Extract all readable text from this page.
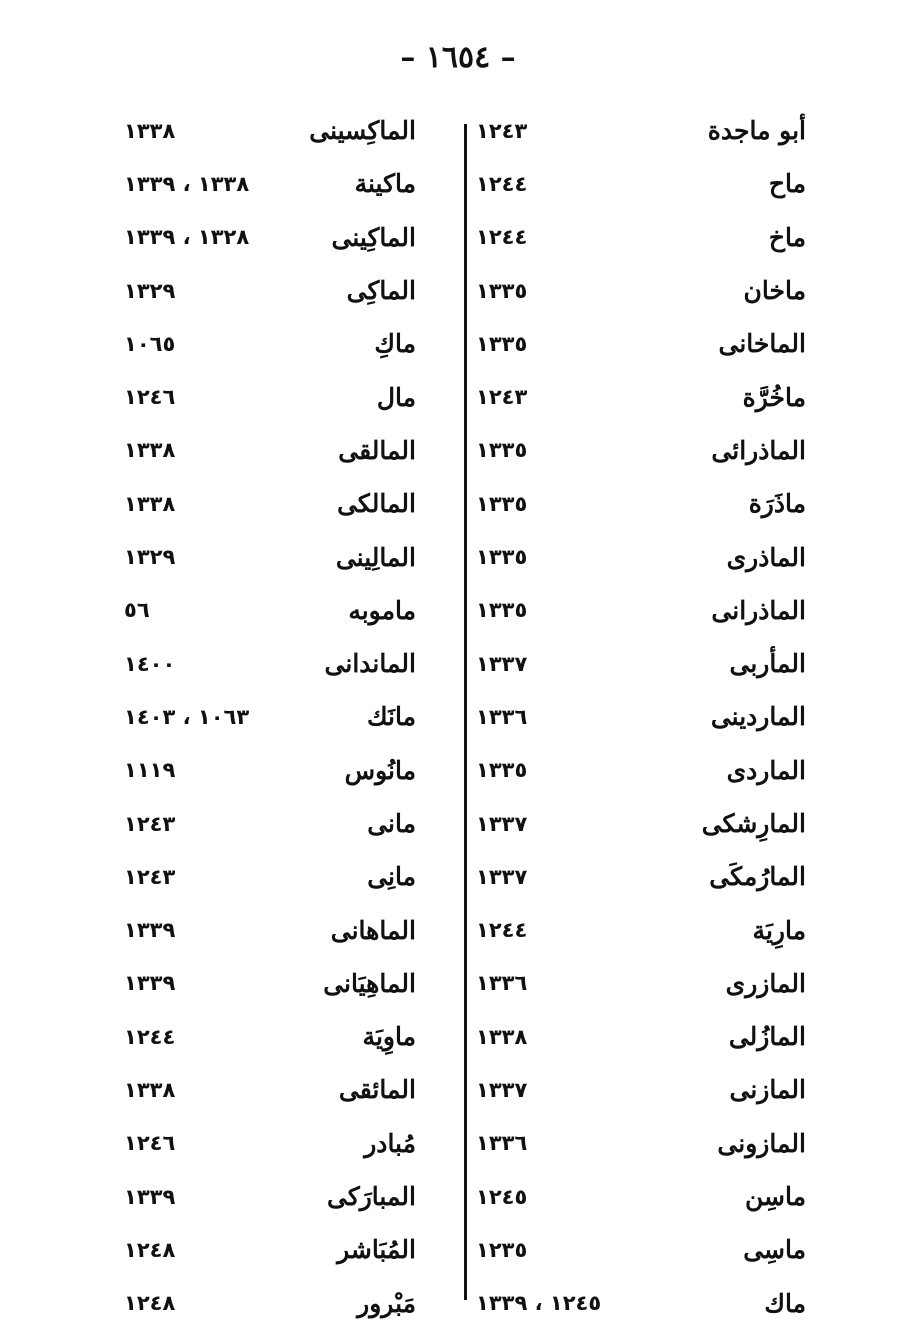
– ١٦٥٤ –
أبو ماجدة
١٢٤٣
ماح
١٢٤٤
ماخ
١٢٤٤
ماخان
١٣٣٥
الماخانى
١٣٣٥
ماخُرَّة
١٢٤٣
الماذرائى
١٣٣٥
ماذَرَة
١٣٣٥
الماذرى
١٣٣٥
الماذرانى
١٣٣٥
المأربى
١٣٣٧
الماردينى
١٣٣٦
الماردى
١٣٣٥
المارِشكى
١٣٣٧
المارُمكَى
١٣٣٧
مارِيَة
١٢٤٤
المازرى
١٣٣٦
المازُلى
١٣٣٨
المازنى
١٣٣٧
المازونى
١٣٣٦
ماسِن
١٢٤٥
ماسِى
١٢٣٥
ماك
١٢٤٥ ، ١٣٣٩
الماكِسينى
١٣٣٨
ماكينة
١٣٣٨ ، ١٣٣٩
الماكِينى
١٣٢٨ ، ١٣٣٩
الماكِى
١٣٢٩
ماكِ
١٠٦٥
مال
١٢٤٦
المالقى
١٣٣٨
المالكى
١٣٣٨
المالِينى
١٣٢٩
ماموبه
٥٦
الماندانى
١٤٠٠
مانَك
١٠٦٣ ، ١٤٠٣
مانُوس
١١١٩
مانى
١٢٤٣
مانِى
١٢٤٣
الماهانى
١٣٣٩
الماهِيَانى
١٣٣٩
ماوِيَة
١٢٤٤
المائقى
١٣٣٨
مُبادر
١٢٤٦
المبارَكى
١٣٣٩
المُبَاشر
١٢٤٨
مَبْرور
١٢٤٨
